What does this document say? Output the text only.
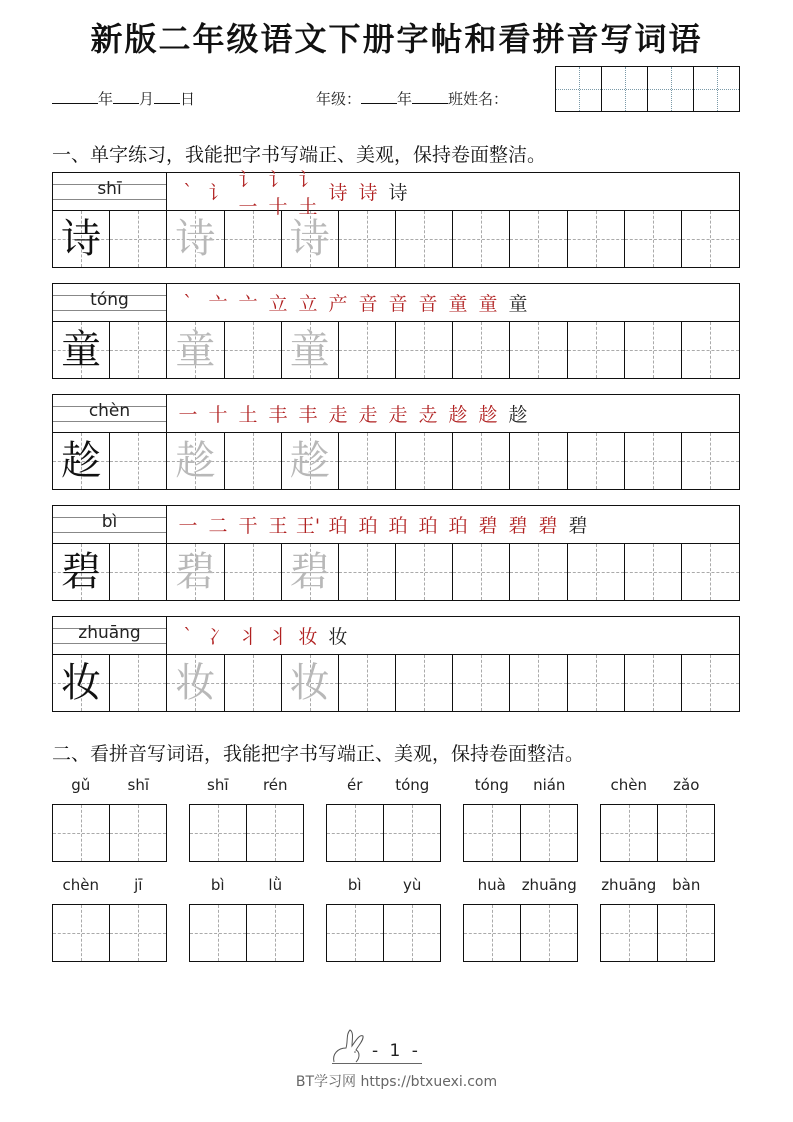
新版二年级语文下册字帖和看拼音写词语
年 月 日	年级： 年 班姓名：
一、单字练习，我能把字书写端正、美观，保持卷面整洁。
shī	` 讠
讠一
讠十
讠土
诗 诗 诗
诗 诗 诗
tóng	` 亠 亠 立 立 产 音 音 音 童 童 童
童 童 童
chèn	一 十 土 丰 丰 走 走 走 赱 趁 趁 趁
趁 趁 趁
bì	一 二 干 王 王' 珀 珀 珀 珀 珀 碧 碧 碧 碧
碧 碧 碧
zhuāng	` 冫 丬 丬 妆 妆
妆 妆 妆
二、看拼音写词语，我能把字书写端正、美观，保持卷面整洁。
gǔ	shī	shī	rén	ér	tóng	tóng	nián	chèn	zǎo
chèn	jī	bì	lǜ	bì	yù	huà	zhuāng zhuāng	bàn
- 1 -
BT学习网 https://btxuexi.com
